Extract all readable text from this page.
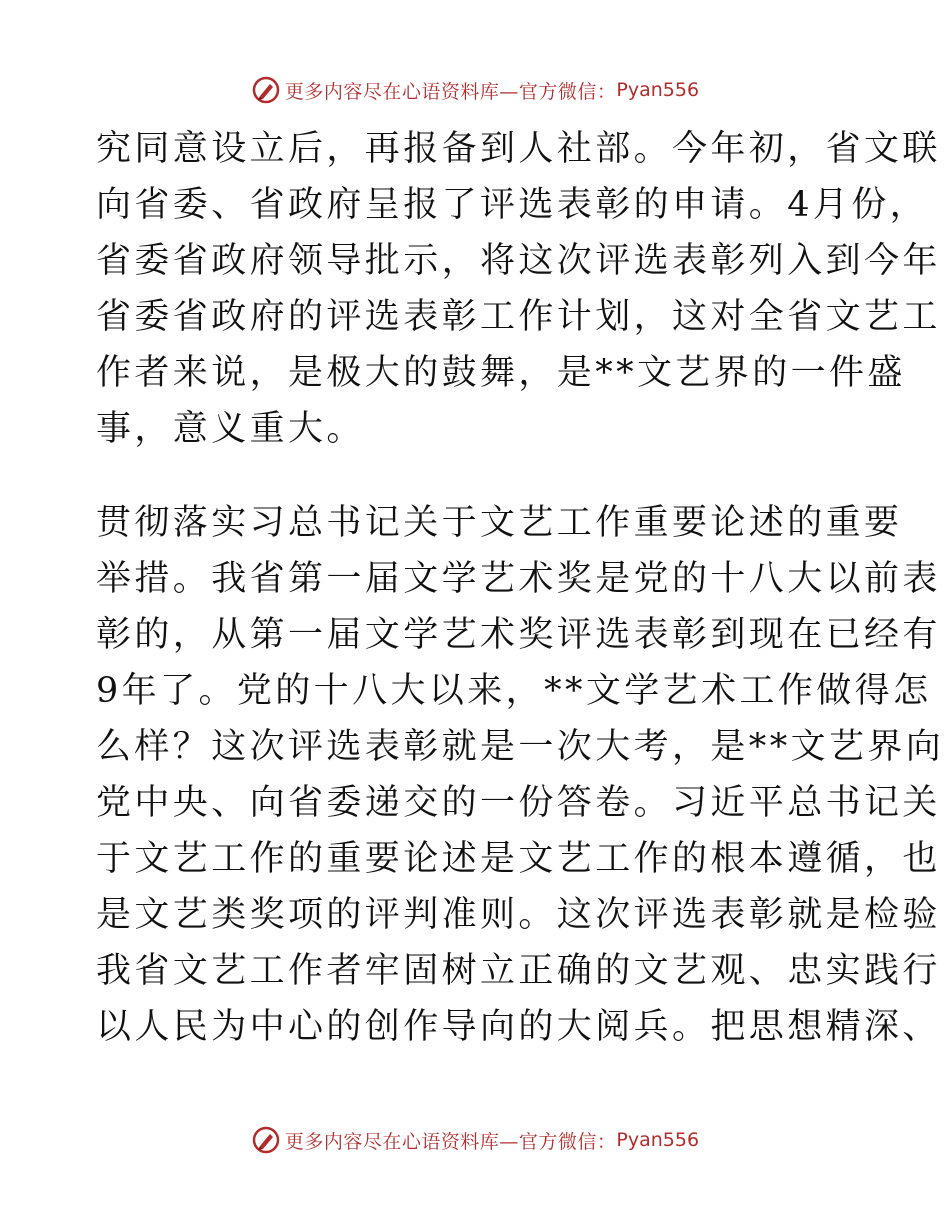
更多内容尽在心语资料库—官方微信： Pyan556
究同意设立后，再报备到人社部。今年初，省文联
向省委、省政府呈报了评选表彰的申请。4月份，
省委省政府领导批示，将这次评选表彰列入到今年
省委省政府的评选表彰工作计划，这对全省文艺工
作者来说，是极大的鼓舞，是**文艺界的一件盛
事，意义重大。
贯彻落实习总书记关于文艺工作重要论述的重要
举措。我省第一届文学艺术奖是党的十八大以前表
彰的，从第一届文学艺术奖评选表彰到现在已经有
9年了。党的十八大以来，**文学艺术工作做得怎
么样？这次评选表彰就是一次大考，是**文艺界向
党中央、向省委递交的一份答卷。习近平总书记关
于文艺工作的重要论述是文艺工作的根本遵循，也
是文艺类奖项的评判准则。这次评选表彰就是检验
我省文艺工作者牢固树立正确的文艺观、忠实践行
以人民为中心的创作导向的大阅兵。把思想精深、
更多内容尽在心语资料库—官方微信： Pyan556
